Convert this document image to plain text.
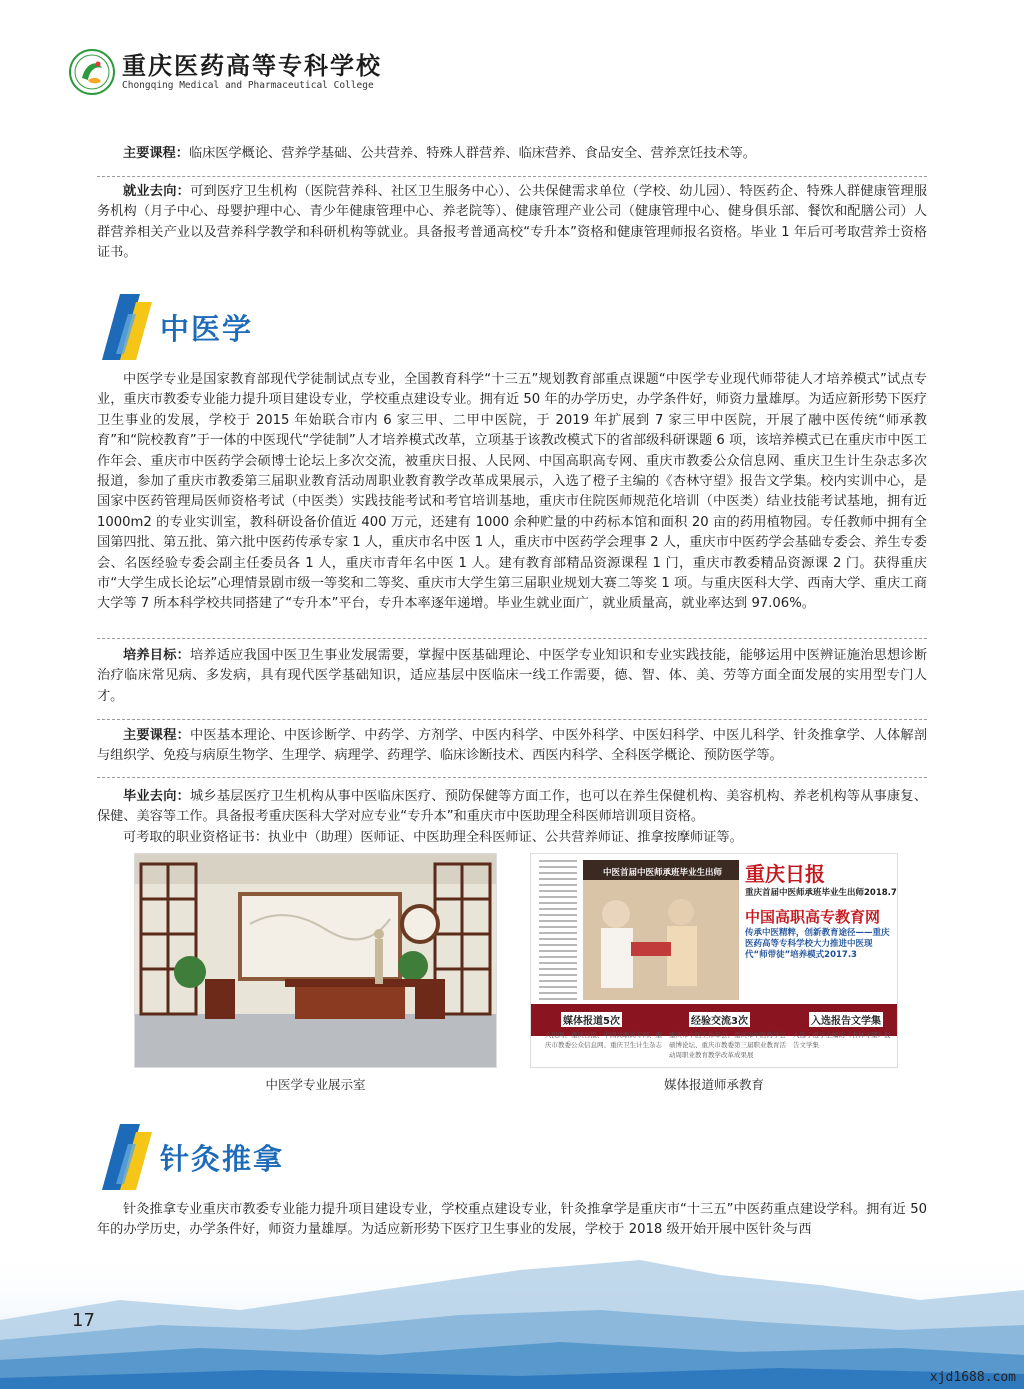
重庆医药高等专科学校
Chongqing Medical and Pharmaceutical College

主要课程：临床医学概论、营养学基础、公共营养、特殊人群营养、临床营养、食品安全、营养烹饪技术等。

就业去向：可到医疗卫生机构（医院营养科、社区卫生服务中心）、公共保健需求单位（学校、幼儿园）、特医药企、特殊人群健康管理服务机构（月子中心、母婴护理中心、青少年健康管理中心、养老院等）、健康管理产业公司（健康管理中心、健身俱乐部、餐饮和配膳公司）人群营养相关产业以及营养科学教学和科研机构等就业。具备报考普通高校“专升本”资格和健康管理师报名资格。毕业 1 年后可考取营养士资格证书。

中医学

中医学专业是国家教育部现代学徒制试点专业，全国教育科学“十三五”规划教育部重点课题“中医学专业现代师带徒人才培养模式”试点专业，重庆市教委专业能力提升项目建设专业，学校重点建设专业。拥有近 50 年的办学历史，办学条件好，师资力量雄厚。为适应新形势下医疗卫生事业的发展，学校于 2015 年始联合市内 6 家三甲、二甲中医院，于 2019 年扩展到 7 家三甲中医院，开展了融中医传统“师承教育”和“院校教育”于一体的中医现代“学徒制”人才培养模式改革，立项基于该教改模式下的省部级科研课题 6 项，该培养模式已在重庆市中医工作年会、重庆市中医药学会硕博士论坛上多次交流，被重庆日报、人民网、中国高职高专网、重庆市教委公众信息网、重庆卫生计生杂志多次报道，参加了重庆市教委第三届职业教育活动周职业教育教学改革成果展示，入选了橙子主编的《杏林守望》报告文学集。校内实训中心，是国家中医药管理局医师资格考试（中医类）实践技能考试和考官培训基地，重庆市住院医师规范化培训（中医类）结业技能考试基地，拥有近 1000m2 的专业实训室，教科研设备价值近 400 万元，还建有 1000 余种贮量的中药标本馆和面积 20 亩的药用植物园。专任教师中拥有全国第四批、第五批、第六批中医药传承专家 1 人，重庆市名中医 1 人，重庆市中医药学会理事 2 人，重庆市中医药学会基础专委会、养生专委会、名医经验专委会副主任委员各 1 人，重庆市青年名中医 1 人。建有教育部精品资源课程 1 门，重庆市教委精品资源课 2 门。获得重庆市“大学生成长论坛”心理情景剧市级一等奖和二等奖、重庆市大学生第三届职业规划大赛二等奖 1 项。与重庆医科大学、西南大学、重庆工商大学等 7 所本科学校共同搭建了“专升本”平台，专升本率逐年递增。毕业生就业面广，就业质量高，就业率达到 97.06%。

培养目标：培养适应我国中医卫生事业发展需要，掌握中医基础理论、中医学专业知识和专业实践技能，能够运用中医辨证施治思想诊断治疗临床常见病、多发病，具有现代医学基础知识，适应基层中医临床一线工作需要，德、智、体、美、劳等方面全面发展的实用型专门人才。

主要课程：中医基本理论、中医诊断学、中药学、方剂学、中医内科学、中医外科学、中医妇科学、中医儿科学、针灸推拿学、人体解剖与组织学、免疫与病原生物学、生理学、病理学、药理学、临床诊断技术、西医内科学、全科医学概论、预防医学等。

毕业去向：城乡基层医疗卫生机构从事中医临床医疗、预防保健等方面工作，也可以在养生保健机构、美容机构、养老机构等从事康复、保健、美容等工作。具备报考重庆医科大学对应专业“专升本”和重庆市中医助理全科医师培训项目资格。

可考取的职业资格证书：执业中（助理）医师证、中医助理全科医师证、公共营养师证、推拿按摩师证等。

中医学专业展示室
中医首届中医师承班毕业生出师 重庆日报
重庆首届中医师承班毕业生出师2018.7
中国高职高专教育网
传承中医精粹，创新教育途径——重庆医药高等专科学校大力推进中医现代“师带徒”培养模式2017.3
媒体报道5次	经验交流3次	入选报告文学集
人民网、重庆日报、中国高职高专网、重庆市教委公众信息网、重庆卫生计生杂志
重庆市中医工作年会、重庆市中医药学会硕博论坛、重庆市教委第三届职业教育活动周职业教育教学改革成果展
入选了橙子主编的《杏林守望》报告文学集
媒体报道师承教育
针灸推拿

针灸推拿专业重庆市教委专业能力提升项目建设专业，学校重点建设专业，针灸推拿学是重庆市“十三五”中医药重点建设学科。拥有近 50 年的办学历史，办学条件好，师资力量雄厚。为适应新形势下医疗卫生事业的发展，学校于 2018 级开始开展中医针灸与西

17
xjd1688.com
